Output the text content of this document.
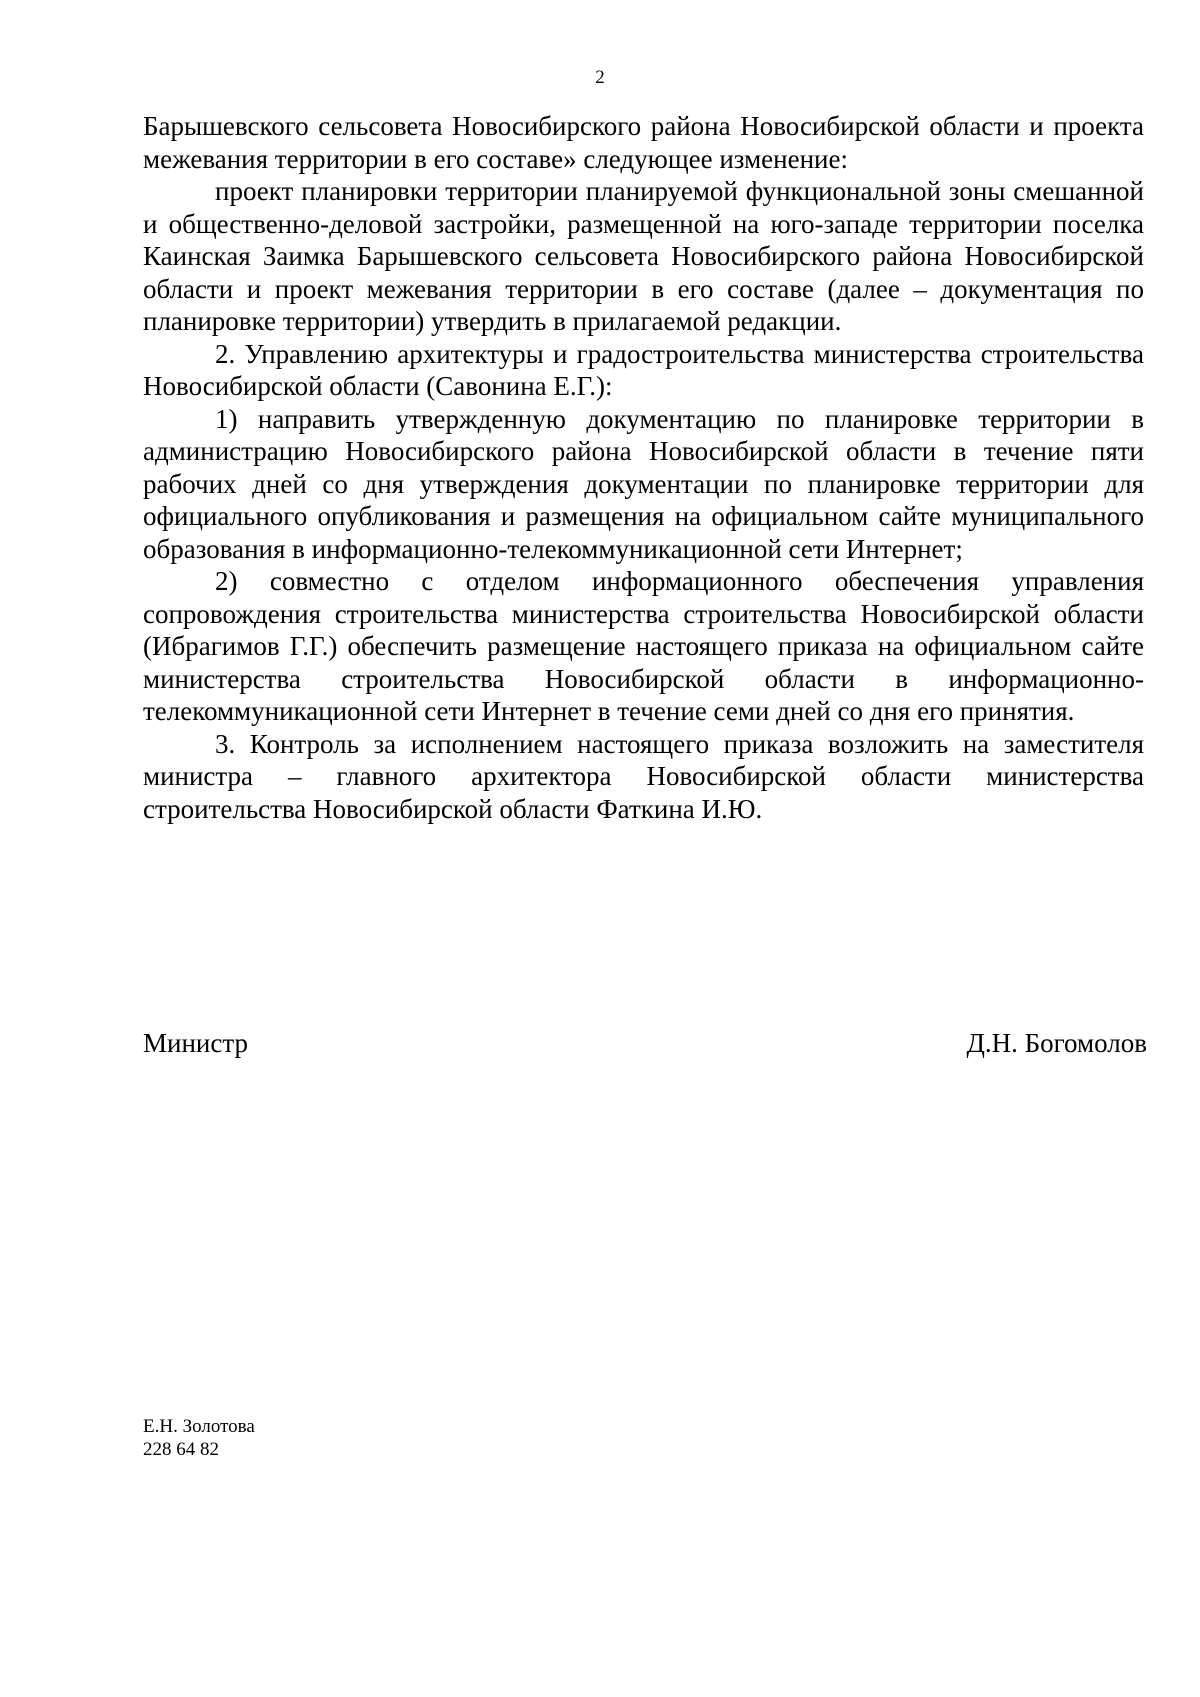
2

Барышевского сельсовета Новосибирского района Новосибирской области и проекта межевания территории в его составе» следующее изменение:

проект планировки территории планируемой функциональной зоны смешанной и общественно-деловой застройки, размещенной на юго-западе территории поселка Каинская Заимка Барышевского сельсовета Новосибирского района Новосибирской области и проект межевания территории в его составе (далее – документация по планировке территории) утвердить в прилагаемой редакции.

2. Управлению архитектуры и градостроительства министерства строительства Новосибирской области (Савонина Е.Г.):

1) направить утвержденную документацию по планировке территории в администрацию Новосибирского района Новосибирской области в течение пяти рабочих дней со дня утверждения документации по планировке территории для официального опубликования и размещения на официальном сайте муниципального образования в информационно-телекоммуникационной сети Интернет;

2) совместно с отделом информационного обеспечения управления сопровождения строительства министерства строительства Новосибирской области (Ибрагимов Г.Г.) обеспечить размещение настоящего приказа на официальном сайте министерства строительства Новосибирской области в информационно-телекоммуникационной сети Интернет в течение семи дней со дня его принятия.

3. Контроль за исполнением настоящего приказа возложить на заместителя министра – главного архитектора Новосибирской области министерства строительства Новосибирской области Фаткина И.Ю.

Министр	Д.Н. Богомолов
Е.Н. Золотова
228 64 82
